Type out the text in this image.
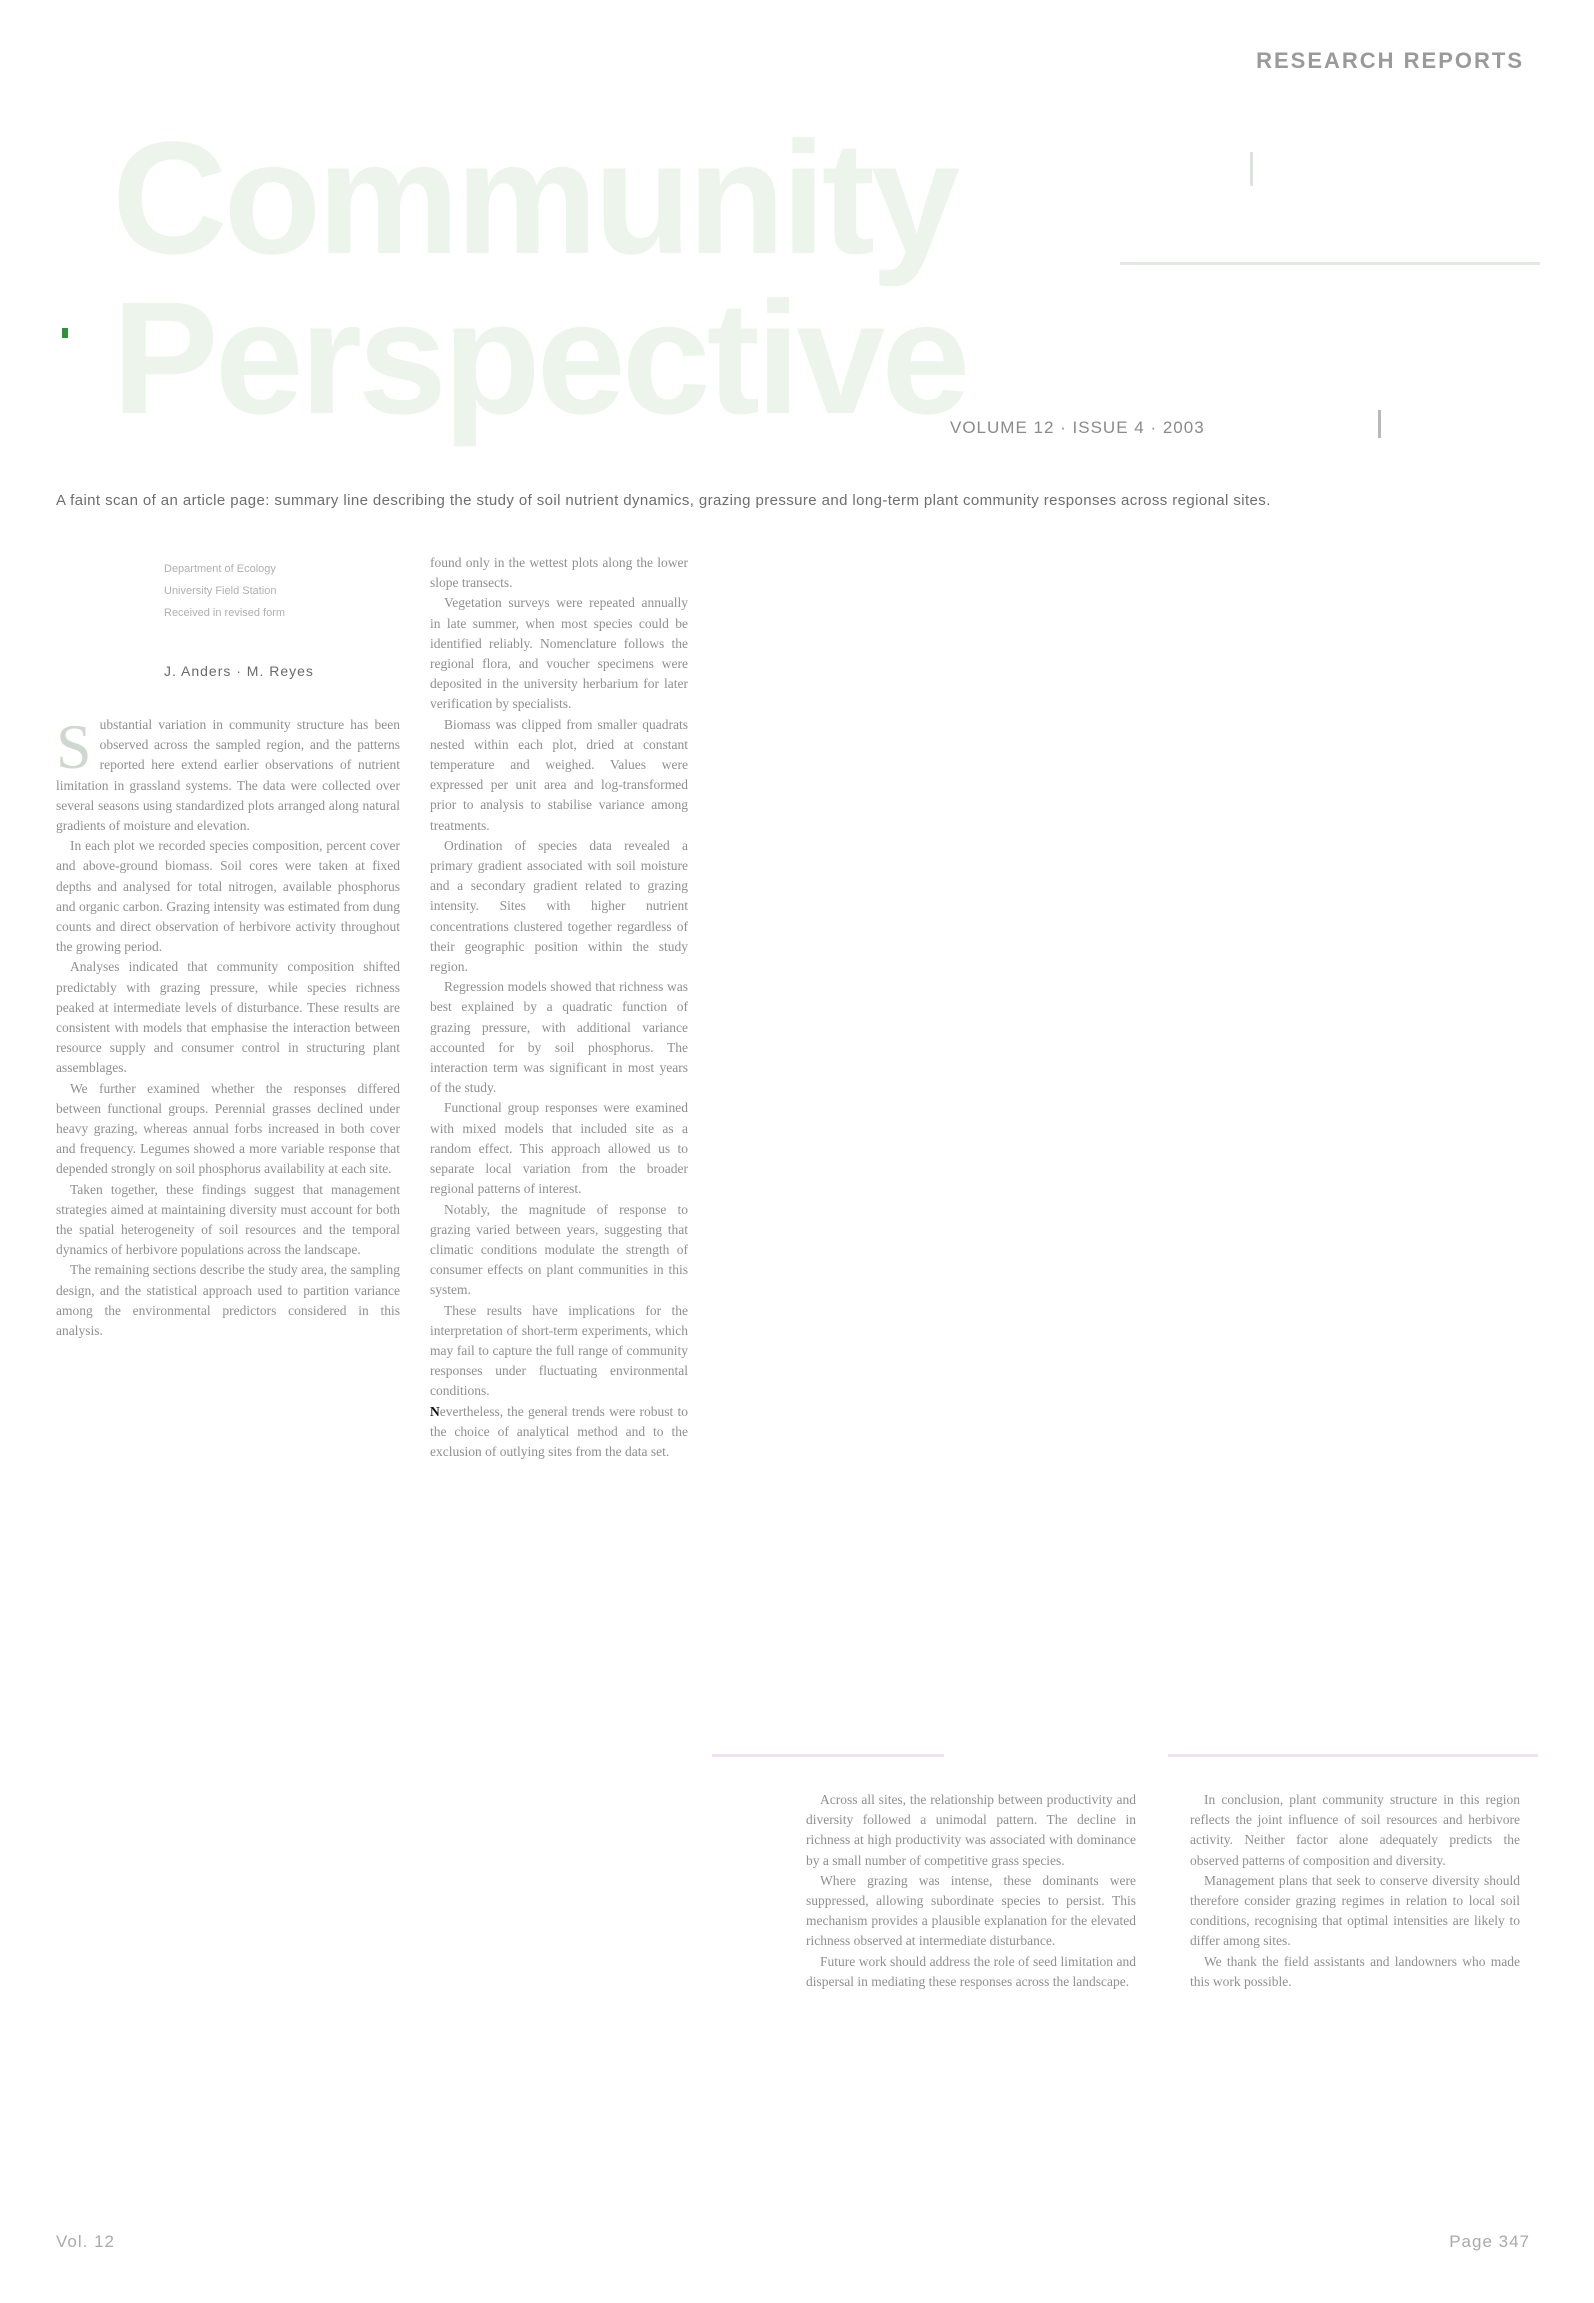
RESEARCH REPORTS
CommunityPerspective
VOLUME 12 · ISSUE 4 · 2003
A faint scan of an article page: summary line describing the study of soil nutrient dynamics, grazing pressure and long-term plant community responses across regional sites.
Department of Ecology
University Field Station
Received in revised form
J. Anders · M. Reyes
S ubstantial variation in community structure has been observed across the sampled region, and the patterns reported here extend earlier observations of nutrient limitation in grassland systems. The data were collected over several seasons using standardized plots arranged along natural gradients of moisture and elevation.

In each plot we recorded species composition, percent cover and above-ground biomass. Soil cores were taken at fixed depths and analysed for total nitrogen, available phosphorus and organic carbon. Grazing intensity was estimated from dung counts and direct observation of herbivore activity throughout the growing period.

Analyses indicated that community composition shifted predictably with grazing pressure, while species richness peaked at intermediate levels of disturbance. These results are consistent with models that emphasise the interaction between resource supply and consumer control in structuring plant assemblages.

We further examined whether the responses differed between functional groups. Perennial grasses declined under heavy grazing, whereas annual forbs increased in both cover and frequency. Legumes showed a more variable response that depended strongly on soil phosphorus availability at each site.

Taken together, these findings suggest that management strategies aimed at maintaining diversity must account for both the spatial heterogeneity of soil resources and the temporal dynamics of herbivore populations across the landscape.

The remaining sections describe the study area, the sampling design, and the statistical approach used to partition variance among the environmental predictors considered in this analysis.

found only in the wettest plots along the lower slope transects.

Vegetation surveys were repeated annually in late summer, when most species could be identified reliably. Nomenclature follows the regional flora, and voucher specimens were deposited in the university herbarium for later verification by specialists.

Biomass was clipped from smaller quadrats nested within each plot, dried at constant temperature and weighed. Values were expressed per unit area and log-transformed prior to analysis to stabilise variance among treatments.

Ordination of species data revealed a primary gradient associated with soil moisture and a secondary gradient related to grazing intensity. Sites with higher nutrient concentrations clustered together regardless of their geographic position within the study region.

Regression models showed that richness was best explained by a quadratic function of grazing pressure, with additional variance accounted for by soil phosphorus. The interaction term was significant in most years of the study.

Functional group responses were examined with mixed models that included site as a random effect. This approach allowed us to separate local variation from the broader regional patterns of interest.

Notably, the magnitude of response to grazing varied between years, suggesting that climatic conditions modulate the strength of consumer effects on plant communities in this system.

These results have implications for the interpretation of short-term experiments, which may fail to capture the full range of community responses under fluctuating environmental conditions.

Nevertheless, the general trends were robust to the choice of analytical method and to the exclusion of outlying sites from the data set.

Across all sites, the relationship between productivity and diversity followed a unimodal pattern. The decline in richness at high productivity was associated with dominance by a small number of competitive grass species.

Where grazing was intense, these dominants were suppressed, allowing subordinate species to persist. This mechanism provides a plausible explanation for the elevated richness observed at intermediate disturbance.

Future work should address the role of seed limitation and dispersal in mediating these responses across the landscape.

In conclusion, plant community structure in this region reflects the joint influence of soil resources and herbivore activity. Neither factor alone adequately predicts the observed patterns of composition and diversity.

Management plans that seek to conserve diversity should therefore consider grazing regimes in relation to local soil conditions, recognising that optimal intensities are likely to differ among sites.

We thank the field assistants and landowners who made this work possible.

Vol. 12	Page 347
